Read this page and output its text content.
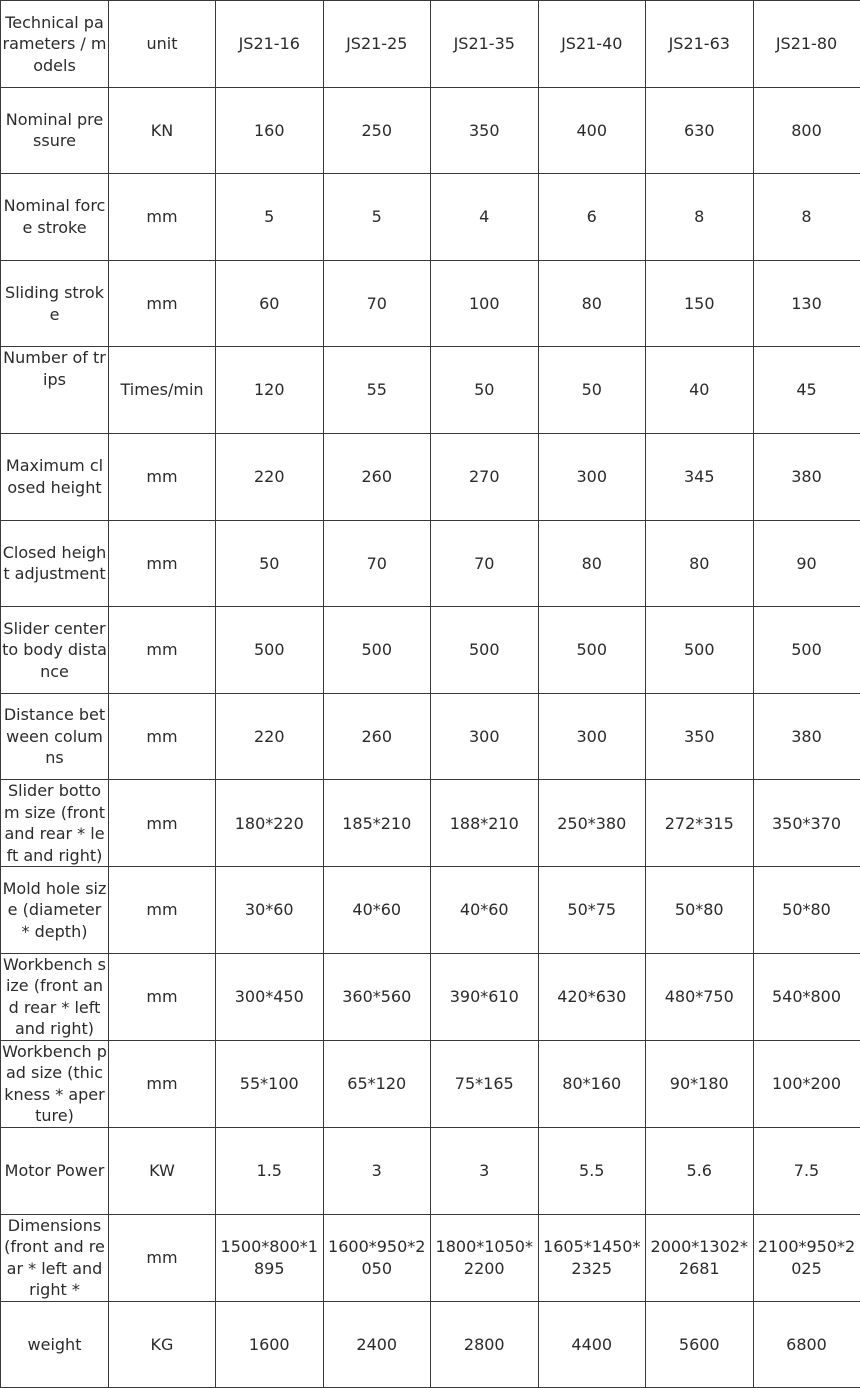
Technical parameters / models	unit	JS21-16	JS21-25	JS21-35	JS21-40	JS21-63	JS21-80
Nominal pressure	KN	160	250	350	400	630	800
Nominal force stroke	mm	5	5	4	6	8	8
Sliding stroke	mm	60	70	100	80	150	130
Number of trips	Times/min	120	55	50	50	40	45
Maximum closed height	mm	220	260	270	300	345	380
Closed height adjustment	mm	50	70	70	80	80	90
Slider center to body distance	mm	500	500	500	500	500	500
Distance between columns	mm	220	260	300	300	350	380
Slider bottom size (front and rear * left and right)	mm	180*220	185*210	188*210	250*380	272*315	350*370
Mold hole size (diameter * depth)	mm	30*60	40*60	40*60	50*75	50*80	50*80
Workbench size (front and rear * left and right)	mm	300*450	360*560	390*610	420*630	480*750	540*800
Workbench pad size (thickness * aperture)	mm	55*100	65*120	75*165	80*160	90*180	100*200
Motor Power	KW	1.5	3	3	5.5	5.6	7.5
Dimensions (front and rear * left and right *	mm	1500*800*1895	1600*950*2050	1800*1050*2200	1605*1450*2325	2000*1302*2681	2100*950*2025
weight	KG	1600	2400	2800	4400	5600	6800
